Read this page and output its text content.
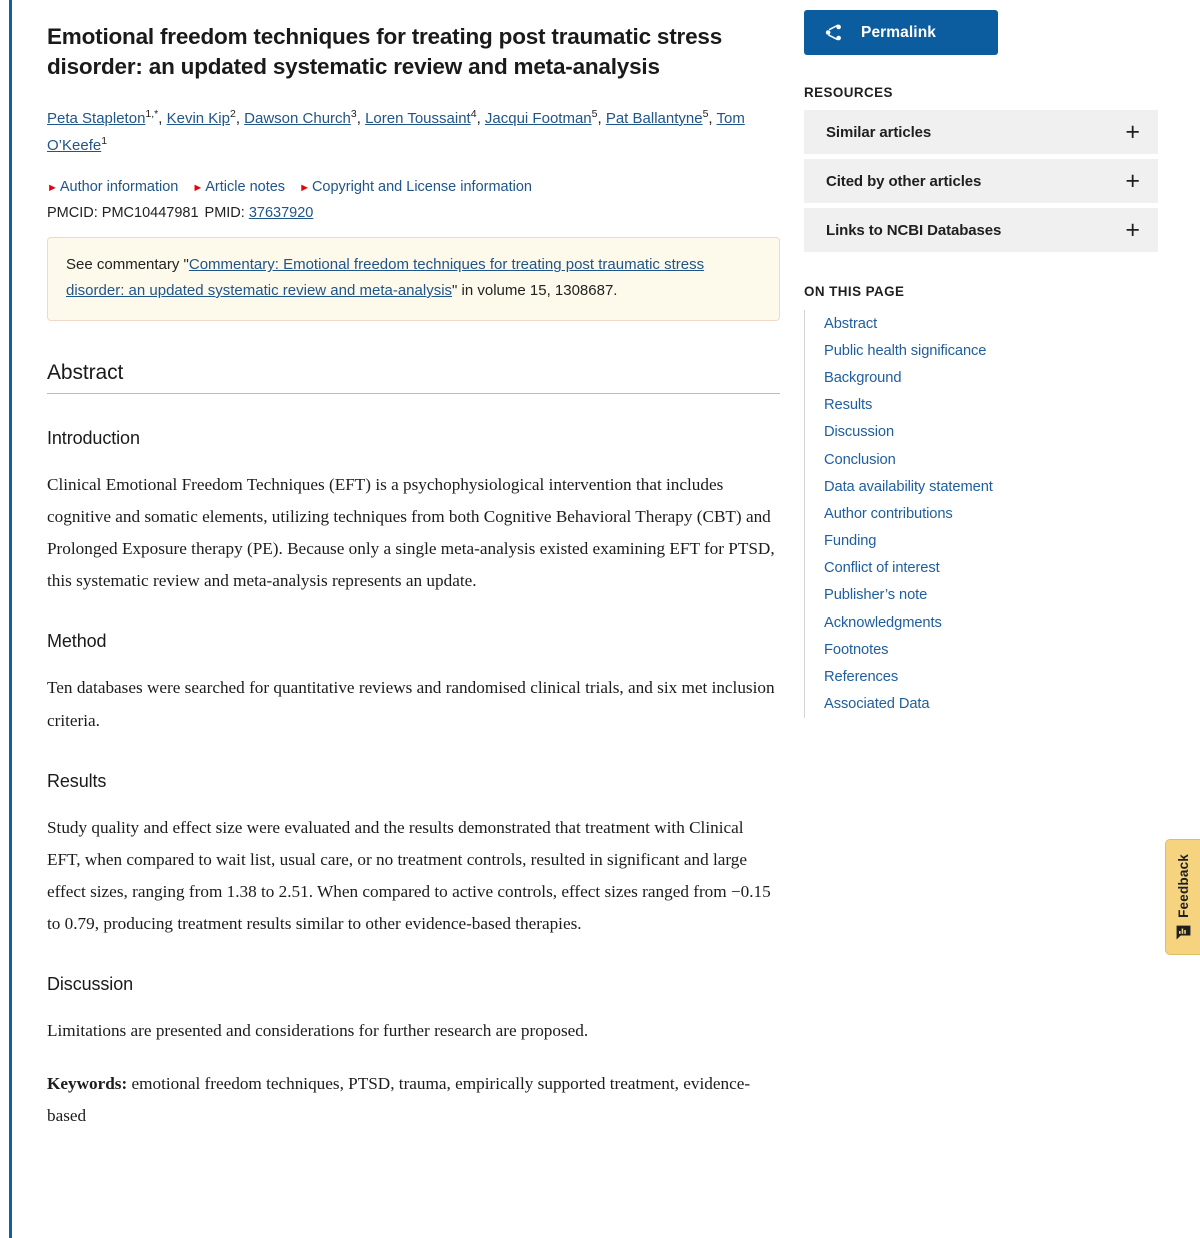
Emotional freedom techniques for treating post traumatic stress disorder: an updated systematic review and meta-analysis
Peta Stapleton$^{1,*}$, Kevin Kip$^2$, Dawson Church$^3$, Loren Toussaint$^4$, Jacqui Footman$^5$, Pat Ballantyne$^5$, Tom O’Keefe$^1$
► Author information ► Article notes ► Copyright and License information
PMCID: PMC10447981 PMID: 37637920
See commentary "Commentary: Emotional freedom techniques for treating post traumatic stress disorder: an updated systematic review and meta-analysis" in volume 15, 1308687.
Abstract
Introduction

Clinical Emotional Freedom Techniques (EFT) is a psychophysiological intervention that includes cognitive and somatic elements, utilizing techniques from both Cognitive Behavioral Therapy (CBT) and Prolonged Exposure therapy (PE). Because only a single meta-analysis existed examining EFT for PTSD, this systematic review and meta-analysis represents an update.

Method

Ten databases were searched for quantitative reviews and randomised clinical trials, and six met inclusion criteria.

Results

Study quality and effect size were evaluated and the results demonstrated that treatment with Clinical EFT, when compared to wait list, usual care, or no treatment controls, resulted in significant and large effect sizes, ranging from 1.38 to 2.51. When compared to active controls, effect sizes ranged from −0.15 to 0.79, producing treatment results similar to other evidence-based therapies.

Discussion

Limitations are presented and considerations for further research are proposed.

Keywords: emotional freedom techniques, PTSD, trauma, empirically supported treatment, evidence-based

Permalink
RESOURCES
Similar articles	+
Cited by other articles	+
Links to NCBI Databases	+
ON THIS PAGE
Abstract
Public health significance
Background
Results
Discussion
Conclusion
Data availability statement
Author contributions
Funding
Conflict of interest
Publisher’s note
Acknowledgments
Footnotes
References
Associated Data
Feedback
